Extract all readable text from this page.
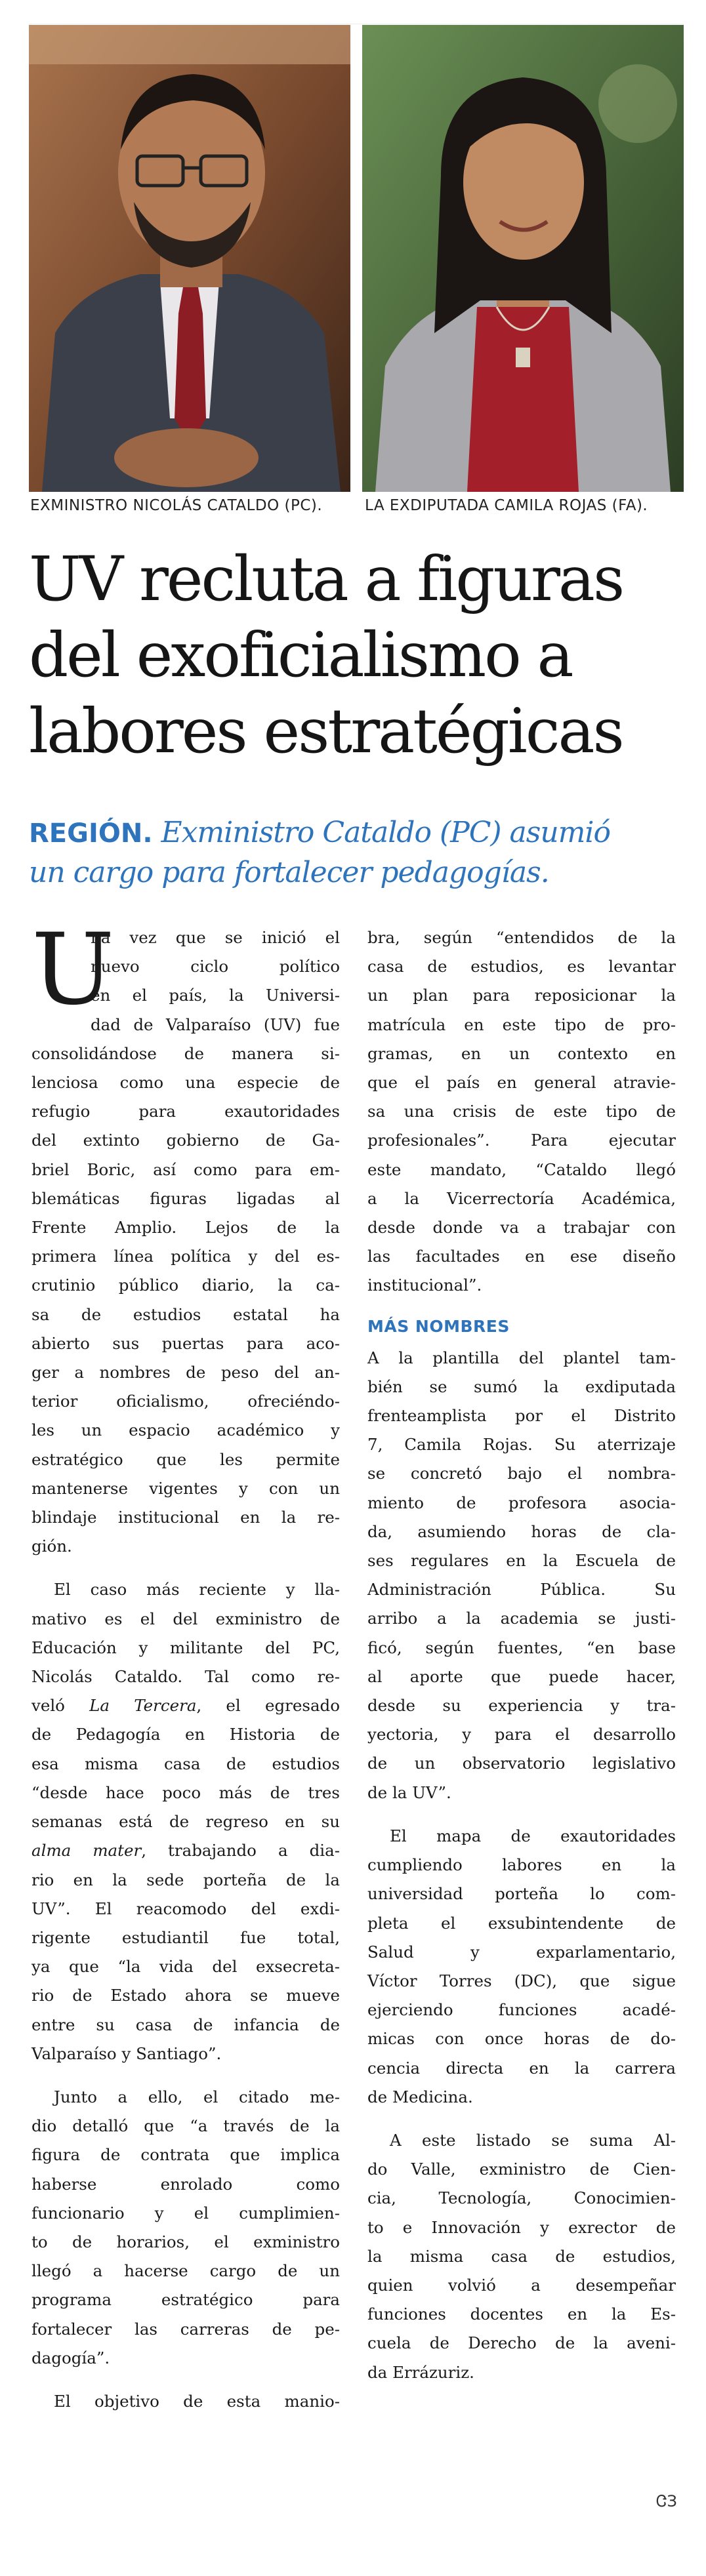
EXMINISTRO NICOLÁS CATALDO (PC).	LA EXDIPUTADA CAMILA ROJAS (FA).
UV recluta a figuras
del exoficialismo a
labores estratégicas
REGIÓN. Exministro Cataldo (PC) asumió
un cargo para fortalecer pedagogías.
U
na vez que se inició el
nuevo ciclo político
en el país, la Universi-
dad de Valparaíso (UV) fue
consolidándose de manera si-
lenciosa como una especie de
refugio para exautoridades
del extinto gobierno de Ga-
briel Boric, así como para em-
blemáticas figuras ligadas al
Frente Amplio. Lejos de la
primera línea política y del es-
crutinio público diario, la ca-
sa de estudios estatal ha
abierto sus puertas para aco-
ger a nombres de peso del an-
terior oficialismo, ofreciéndo-
les un espacio académico y
estratégico que les permite
mantenerse vigentes y con un
blindaje institucional en la re-
gión.
El caso más reciente y lla-
mativo es el del exministro de
Educación y militante del PC,
Nicolás Cataldo. Tal como re-
veló La Tercera, el egresado
de Pedagogía en Historia de
esa misma casa de estudios
“desde hace poco más de tres
semanas está de regreso en su
alma mater, trabajando a dia-
rio en la sede porteña de la
UV”. El reacomodo del exdi-
rigente estudiantil fue total,
ya que “la vida del exsecreta-
rio de Estado ahora se mueve
entre su casa de infancia de
Valparaíso y Santiago”.
Junto a ello, el citado me-
dio detalló que “a través de la
figura de contrata que implica
haberse enrolado como
funcionario y el cumplimien-
to de horarios, el exministro
llegó a hacerse cargo de un
programa estratégico para
fortalecer las carreras de pe-
dagogía”.
El objetivo de esta manio-
bra, según “entendidos de la
casa de estudios, es levantar
un plan para reposicionar la
matrícula en este tipo de pro-
gramas, en un contexto en
que el país en general atravie-
sa una crisis de este tipo de
profesionales”. Para ejecutar
este mandato, “Cataldo llegó
a la Vicerrectoría Académica,
desde donde va a trabajar con
las facultades en ese diseño
institucional”.
MÁS NOMBRES
A la plantilla del plantel tam-
bién se sumó la exdiputada
frenteamplista por el Distrito
7, Camila Rojas. Su aterrizaje
se concretó bajo el nombra-
miento de profesora asocia-
da, asumiendo horas de cla-
ses regulares en la Escuela de
Administración Pública. Su
arribo a la academia se justi-
ficó, según fuentes, “en base
al aporte que puede hacer,
desde su experiencia y tra-
yectoria, y para el desarrollo
de un observatorio legislativo
de la UV”.
El mapa de exautoridades
cumpliendo labores en la
universidad porteña lo com-
pleta el exsubintendente de
Salud y exparlamentario,
Víctor Torres (DC), que sigue
ejerciendo funciones acadé-
micas con once horas de do-
cencia directa en la carrera
de Medicina.
A este listado se suma Al-
do Valle, exministro de Cien-
cia, Tecnología, Conocimien-
to e Innovación y exrector de
la misma casa de estudios,
quien volvió a desempeñar
funciones docentes en la Es-
cuela de Derecho de la aveni-
da Errázuriz.
ᏣЗ
